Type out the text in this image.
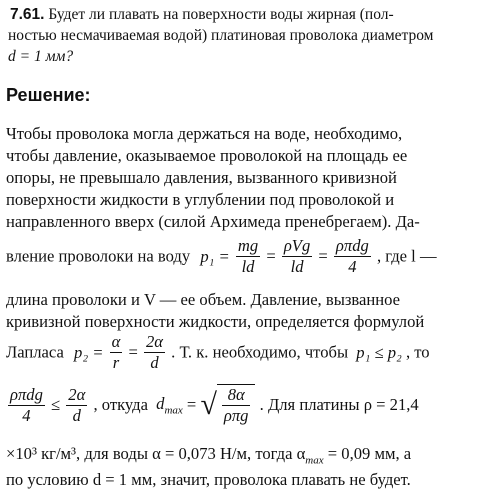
7.61. Будет ли плавать на поверхности воды жирная (пол-
ностью несмачиваемая водой) платиновая проволока диаметром
d = 1 мм?
Решение:
Чтобы проволока могла держаться на воде, необходимо,
чтобы давление, оказываемое проволокой на площадь ее
опоры, не превышало давления, вызванного кривизной
поверхности жидкости в углублении под проволокой и
направленного вверх (силой Архимеда пренебрегаем). Да-
вление проволоки на воду $p_1 = \frac{mg}{ld} = \frac{\text{ρVg}}{ld} = \frac{\text{ρπdg}}{4}$ , где l —
длина проволоки и V — ее объем. Давление, вызванное
кривизной поверхности жидкости, определяется формулой
Лапласа $p_2 = \frac{\alpha}{r} = \frac{2\alpha}{d}$ . Т. к. необходимо, чтобы p₁ ≤ p₂ , то
$\frac{\text{ρπdg}}{4} \le \frac{2\alpha}{d}$ , откуда $d_{max}$ = √ $\frac{8\alpha}{\text{ρπg}}$ . Для платины ρ = 21,4
×10³ кг/м³, для воды α = 0,073 Н/м, тогда $\alpha_{max} = 0,09$ мм, а
по условию d = 1 мм, значит, проволока плавать не будет.
